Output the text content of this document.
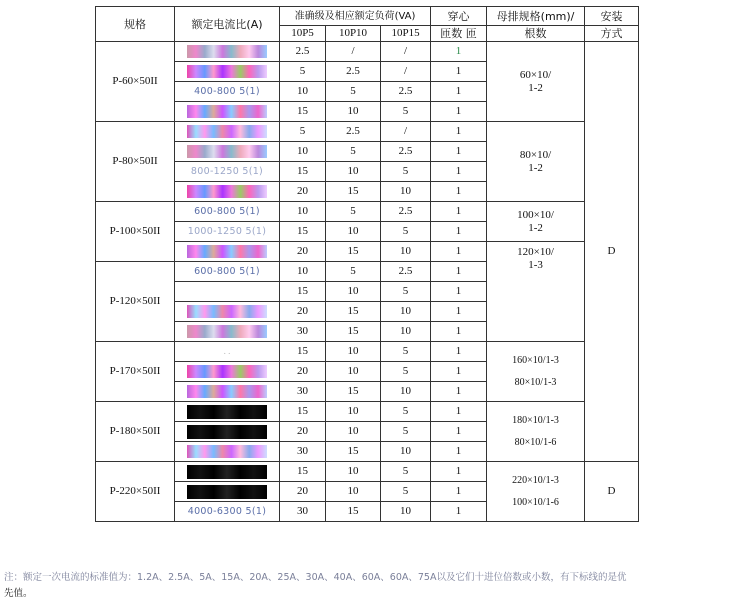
规格	额定电流比(A)	准确级及相应额定负荷(VA)			穿心	母排规格(mm)/	安装
		10P5	10P10	10P15	匝数 匝	根数	方式
P-60×50II		2.5	/	/	1	60×10/
1-2	D
		5	2.5	/	1		
	400-800 5(1)	10	5	2.5	1		
		15	10	5	1		
P-80×50II		5	2.5	/	1	80×10/
1-2	
		10	5	2.5	1		
	800-1250 5(1)	15	10	5	1		
		20	15	10	1		
P-100×50II	600-800 5(1)	10	5	2.5	1	100×10/
1-2	
	1000-1250 5(1)	15	10	5	1		
		20	15	10	1	120×10/
1-3	
P-120×50II	600-800 5(1)	10	5	2.5	1		
		15	10	5	1		
		20	15	10	1		
		30	15	10	1		
P-170×50II	. .	15	10	5	1	160×10/1-3
80×10/1-3	
		20	10	5	1		
		30	15	10	1		
P-180×50II		15	10	5	1	180×10/1-3
80×10/1-6	
		20	10	5	1		
		30	15	10	1		
P-220×50II		15	10	5	1	220×10/1-3
100×10/1-6	D
		20	10	5	1		
	4000-6300 5(1)	30	15	10	1		
注：额定一次电流的标准值为：1.2A、2.5A、5A、15A、20A、25A、30A、40A、60A、60A、75A以及它们十进位倍数或小数，有下标线的是优
先值。
